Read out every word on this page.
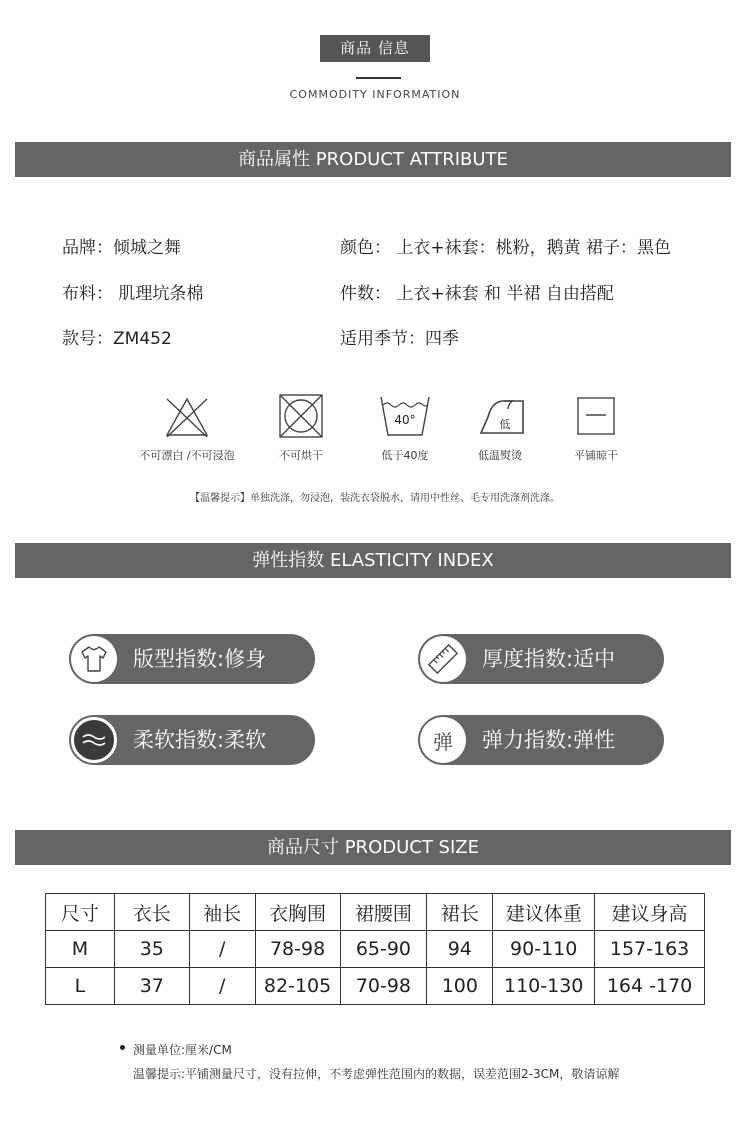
商品 信息
COMMODITY INFORMATION
商品属性 PRODUCT ATTRIBUTE
品牌：倾城之舞	颜色： 上衣+袜套：桃粉，鹅黄 裙子：黑色
布料： 肌理坑条棉	件数： 上衣+袜套 和 半裙 自由搭配
款号：ZM452	适用季节：四季
不可漂白 /不可浸泡	不可烘干
40°
低于40度
低
低温熨烫	平铺晾干
【温馨提示】单独洗涤，勿浸泡，装洗衣袋脱水，请用中性丝、毛专用洗涤剂洗涤。
弹性指数 ELASTICITY INDEX
版型指数:修身	厚度指数:适中
柔软指数:柔软	弹 弹力指数:弹性
商品尺寸 PRODUCT SIZE
尺寸	衣长	袖长	衣胸围	裙腰围	裙长	建议体重	建议身高
M	35	/	78-98	65-90	94	90-110	157-163
L	37	/	82-105	70-98	100	110-130	164 -170
测量单位:厘米/CM
温馨提示:平铺测量尺寸，没有拉伸，不考虑弹性范围内的数据，误差范围2-3CM，敬请谅解
